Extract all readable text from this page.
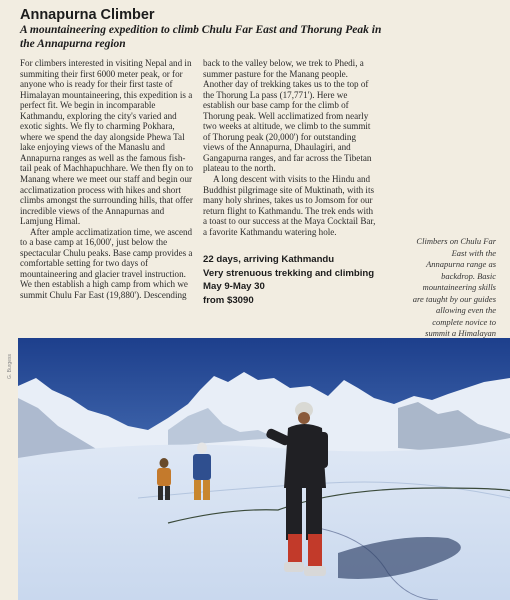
Annapurna Climber
A mountaineering expedition to climb Chulu Far East and Thorung Peak in the Annapurna region

For climbers interested in visiting Nepal and in summiting their first 6000 meter peak, or for anyone who is ready for their first taste of Himalayan mountaineering, this expedition is a perfect fit. We begin in incomparable Kathmandu, exploring the city's varied and exotic sights. We fly to charming Pokhara, where we spend the day alongside Phewa Tal lake enjoying views of the Manaslu and Annapurna ranges as well as the famous fish-tail peak of Machhapuchhare. We then fly on to Manang where we meet our staff and begin our acclimatization process with hikes and short climbs amongst the surrounding hills, that offer incredible views of the Annapurnas and Lamjung Himal.

After ample acclimatization time, we ascend to a base camp at 16,000', just below the spectacular Chulu peaks. Base camp provides a comfortable setting for two days of mountaineering and glacier travel instruction. We then establish a high camp from which we summit Chulu Far East (19,880'). Descending

back to the valley below, we trek to Phedi, a summer pasture for the Manang people. Another day of trekking takes us to the top of the Thorung La pass (17,771'). Here we establish our base camp for the climb of Thorung peak. Well acclimatized from nearly two weeks at altitude, we climb to the summit of Thorung peak (20,000') for outstanding views of the Annapurna, Dhaulagiri, and Gangapurna ranges, and far across the Tibetan plateau to the north.

A long descent with visits to the Hindu and Buddhist pilgrimage site of Muktinath, with its many holy shrines, takes us to Jomsom for our return flight to Kathmandu. The trek ends with a toast to our success at the Maya Cocktail Bar, a favorite Kathmandu watering hole.

22 days, arriving Kathmandu
Very strenuous trekking and climbing
May 9-May 30
from $3090
Climbers on Chulu Far East with the Annapurna range as backdrop. Basic mountaineering skills are taught by our guides allowing even the complete novice to summit a Himalayan
G. Burgess
